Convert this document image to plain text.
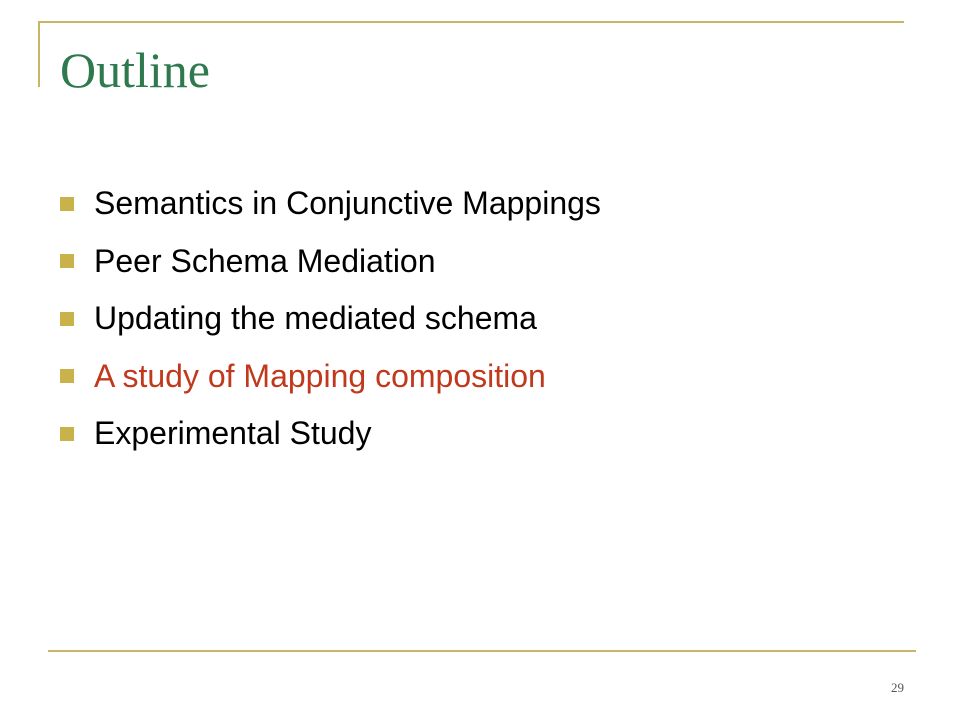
Outline
Semantics in Conjunctive Mappings
Peer Schema Mediation
Updating the mediated schema
A study of Mapping composition
Experimental Study
29
